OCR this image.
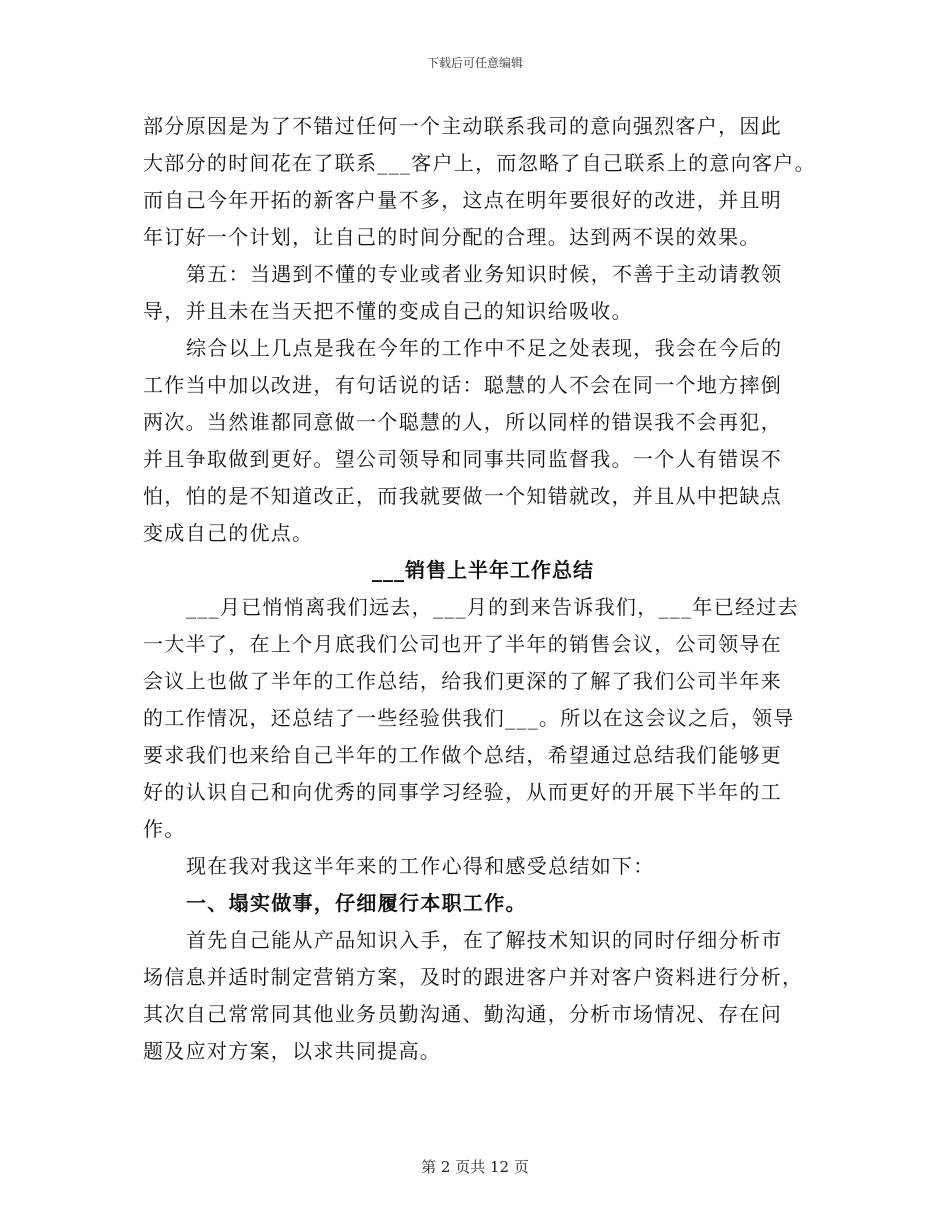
下载后可任意编辑

部分原因是为了不错过任何一个主动联系我司的意向强烈客户，因此

大部分的时间花在了联系___客户上，而忽略了自己联系上的意向客户。

而自己今年开拓的新客户量不多，这点在明年要很好的改进，并且明

年订好一个计划，让自己的时间分配的合理。达到两不误的效果。

第五：当遇到不懂的专业或者业务知识时候，不善于主动请教领

导，并且未在当天把不懂的变成自己的知识给吸收。

综合以上几点是我在今年的工作中不足之处表现，我会在今后的

工作当中加以改进，有句话说的话：聪慧的人不会在同一个地方摔倒

两次。当然谁都同意做一个聪慧的人，所以同样的错误我不会再犯，

并且争取做到更好。望公司领导和同事共同监督我。一个人有错误不

怕，怕的是不知道改正，而我就要做一个知错就改，并且从中把缺点

变成自己的优点。

___销售上半年工作总结

___月已悄悄离我们远去，___月的到来告诉我们，___年已经过去

一大半了，在上个月底我们公司也开了半年的销售会议，公司领导在

会议上也做了半年的工作总结，给我们更深的了解了我们公司半年来

的工作情况，还总结了一些经验供我们___。所以在这会议之后，领导

要求我们也来给自己半年的工作做个总结，希望通过总结我们能够更

好的认识自己和向优秀的同事学习经验，从而更好的开展下半年的工

作。

现在我对我这半年来的工作心得和感受总结如下：

一、塌实做事，仔细履行本职工作。

首先自己能从产品知识入手，在了解技术知识的同时仔细分析市

场信息并适时制定营销方案，及时的跟进客户并对客户资料进行分析，

其次自己常常同其他业务员勤沟通、勤沟通，分析市场情况、存在问

题及应对方案，以求共同提高。

第 2 页共 12 页
